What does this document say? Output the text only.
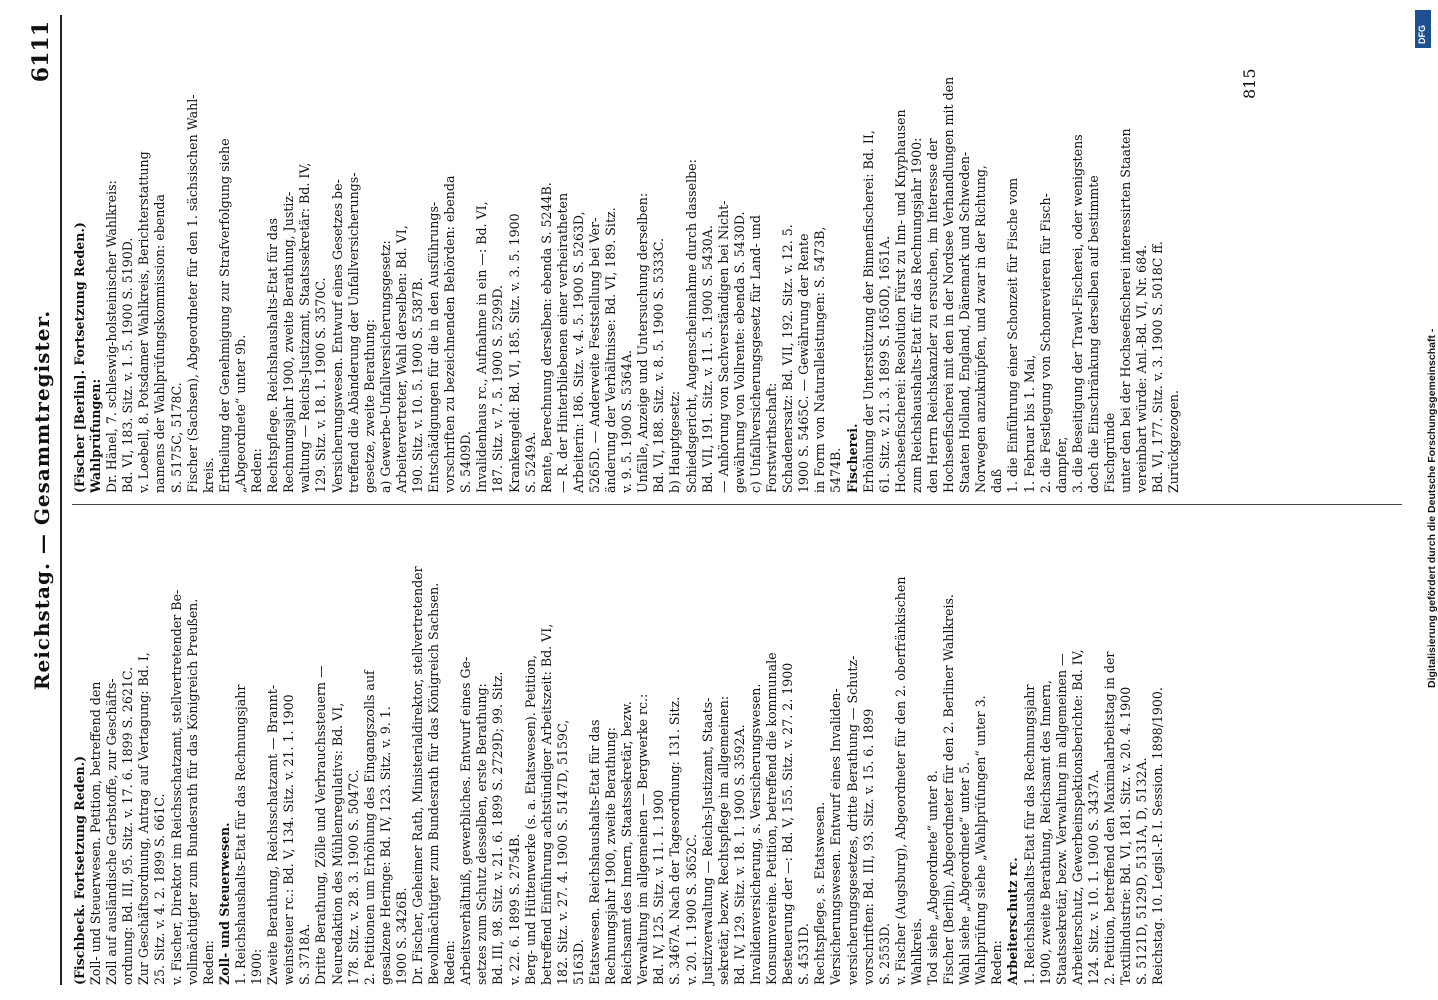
Reichstag. — Gesammtregister.
6111
(Fischbeck. Fortsetzung Reden.) Zoll- und Steuerwesen. Petition, betreffend den Zoll auf ausländische Gerbstoffe, zur Geschäfts- ordnung: Bd. III, 95. Sitz. v. 17. 6. 1899 S. 2621C. Zur Geschäftsordnung, Antrag auf Vertagung: Bd. I, 25. Sitz. v. 4. 2. 1899 S. 661C. v. Fischer, Direktor im Reichsschatzamt, stellvertretender Be- vollmächtigter zum Bundesrath für das Königreich Preußen. Reden: Zoll- und Steuerwesen. 1. Reichshaushalts-Etat für das Rechnungsjahr 1900: Zweite Berathung, Reichsschatzamt — Brannt- weinsteuer rc.: Bd. V, 134. Sitz. v. 21. 1. 1900 S. 3718A. Dritte Berathung, Zölle und Verbrauchssteuern — Neuredaktion des Mühlenregulativs: Bd. VI, 178. Sitz. v. 28. 3. 1900 S. 5047C. 2. Petitionen um Erhöhung des Eingangszolls auf gesalzene Heringe: Bd. IV, 123. Sitz. v. 9. 1. 1900 S. 3426B. Dr. Fischer, Geheimer Rath, Ministerialdirektor, stellvertretender Bevollmächtigter zum Bundesrath für das Königreich Sachsen. Reden: Arbeitsverhältniß, gewerbliches. Entwurf eines Ge- setzes zum Schutz desselben, erste Berathung: Bd. III, 98. Sitz. v. 21. 6. 1899 S. 2729D; 99. Sitz. v. 22. 6. 1899 S. 2754B. Berg- und Hüttenwerke (s. a. Etatswesen). Petition, betreffend Einführung achtstündiger Arbeitszeit: Bd. VI, 182. Sitz. v. 27. 4. 1900 S. 5147D, 5159C, 5163D. Etatswesen. Reichshaushalts-Etat für das Rechnungsjahr 1900, zweite Berathung: Reichsamt des Innern, Staatssekretär, bezw. Verwaltung im allgemeinen — Bergwerke rc.: Bd. IV, 125. Sitz. v. 11. 1. 1900 S. 3467A. Nach der Tagesordnung: 131. Sitz. v. 20. 1. 1900 S. 3652C. Justizverwaltung — Reichs-Justizamt, Staats- sekretär, bezw. Rechtspflege im allgemeinen: Bd. IV, 129. Sitz. v. 18. 1. 1900 S. 3592A. Invalidenversicherung, s. Versicherungswesen. Konsumvereine. Petition, betreffend die kommunale Besteuerung der —: Bd. V, 155. Sitz. v. 27. 2. 1900 S. 4531D. Rechtspflege, s. Etatswesen. Versicherungswesen. Entwurf eines Invaliden- versicherungsgesetzes, dritte Berathung — Schutz- vorschriften: Bd. III, 93. Sitz. v. 15. 6. 1899 S. 2553D. v. Fischer (Augsburg), Abgeordneter für den 2. oberfränkischen Wahlkreis. Tod siehe „Abgeordnete“ unter 8. Fischer (Berlin), Abgeordneter für den 2. Berliner Wahlkreis. Wahl siehe „Abgeordnete“ unter 5. Wahlprüfung siehe „Wahlprüfungen“ unter 3. Reden: Arbeiterschutz rc. 1. Reichshaushalts-Etat für das Rechnungsjahr 1900, zweite Berathung, Reichsamt des Innern, Staatssekretär, bezw. Verwaltung im allgemeinen — Arbeiterschutz, Gewerbeinspektionsberichte: Bd. IV, 124. Sitz. v. 10. 1. 1900 S. 3437A. 2. Petition, betreffend den Maximalarbeitstag in der Textilindustrie: Bd. VI, 181. Sitz. v. 20. 4. 1900 S. 5121D, 5129D, 5131A, D, 5132A. Reichstag. 10. Legisl.-P. I. Session. 1898/1900.
(Fischer [Berlin]. Fortsetzung Reden.) Wahlprüfungen: Dr. Hänel, 7. schleswig-holsteinischer Wahlkreis: Bd. VI, 183. Sitz. v. 1. 5. 1900 S. 5190D. v. Loebell, 8. Potsdamer Wahlkreis, Berichterstattung namens der Wahlprüfungskommission: ebenda S. 5175C, 5178C. Fischer (Sachsen), Abgeordneter für den 1. sächsischen Wahl- kreis. Ertheilung der Genehmigung zur Strafverfolgung siehe „Abgeordnete“ unter 9b. Reden: Rechtspflege. Reichshaushalts-Etat für das Rechnungsjahr 1900, zweite Berathung, Justiz- waltung — Reichs-Justizamt, Staatssekretär: Bd. IV, 129. Sitz. v. 18. 1. 1900 S. 3570C. Versicherungswesen. Entwurf eines Gesetzes be- treffend die Abänderung der Unfallversicherungs- gesetze, zweite Berathung: a) Gewerbe-Unfallversicherungsgesetz: Arbeitervertreter, Wahl derselben: Bd. VI, 190. Sitz. v. 10. 5. 1900 S. 5387B. Entschädigungen für die in den Ausführungs- vorschriften zu bezeichnenden Behörden: ebenda S. 5409D. Invalidenhaus rc., Aufnahme in ein —: Bd. VI, 187. Sitz. v. 7. 5. 1900 S. 5299D. Krankengeld: Bd. VI, 185. Sitz. v. 3. 5. 1900 S. 5249A. Rente, Berechnung derselben: ebenda S. 5244B. — R. der Hinterbliebenen einer verheiratheten Arbeiterin: 186. Sitz. v. 4. 5. 1900 S. 5263D, 5265D. — Anderweite Feststellung bei Ver- änderung der Verhältnisse: Bd. VI, 189. Sitz. v. 9. 5. 1900 S. 5364A. Unfälle, Anzeige und Untersuchung derselben: Bd. VI, 188. Sitz. v. 8. 5. 1900 S. 5333C. b) Hauptgesetz: Schiedsgericht, Augenscheinnahme durch dasselbe: Bd. VII, 191. Sitz. v. 11. 5. 1900 S. 5430A. — Anhörung von Sachverständigen bei Nicht- gewährung von Vollrente: ebenda S. 5430D. c) Unfallversicherungsgesetz für Land- und Forstwirthschaft: Schadenersatz: Bd. VII, 192. Sitz. v. 12. 5. 1900 S. 5465C. — Gewährung der Rente in Form von Naturalleistungen: S. 5473B, 5474B. Fischerei. Erhöhung der Unterstützung der Binnenfischerei: Bd. II, 61. Sitz. v. 21. 3. 1899 S. 1650D, 1651A. Hochseefischerei: Resolution Fürst zu Inn- und Knyphausen zum Reichshaushalts-Etat für das Rechnungsjahr 1900: den Herrn Reichskanzler zu ersuchen, im Interesse der Hochseefischerei mit den in der Nordsee Verhandlungen mit den Staaten Holland, England, Dänemark und Schweden- Norwegen anzuknüpfen, und zwar in der Richtung, daß 1. die Einführung einer Schonzeit für Fische vom 1. Februar bis 1. Mai, 2. die Festlegung von Schonrevieren für Fisch- dampfer, 3. die Beseitigung der Trawl-Fischerei, oder wenigstens doch die Einschränkung derselben auf bestimmte Fischgründe unter den bei der Hochseefischerei interessirten Staaten vereinbart würde: Anl.-Bd. VI, Nr. 684. Bd. VI, 177. Sitz. v. 3. 1900 S. 5018C ff. Zurückgezogen.
815
Digitalisierung gefördert durch die Deutsche Forschungsgemeinschaft -
DFG
